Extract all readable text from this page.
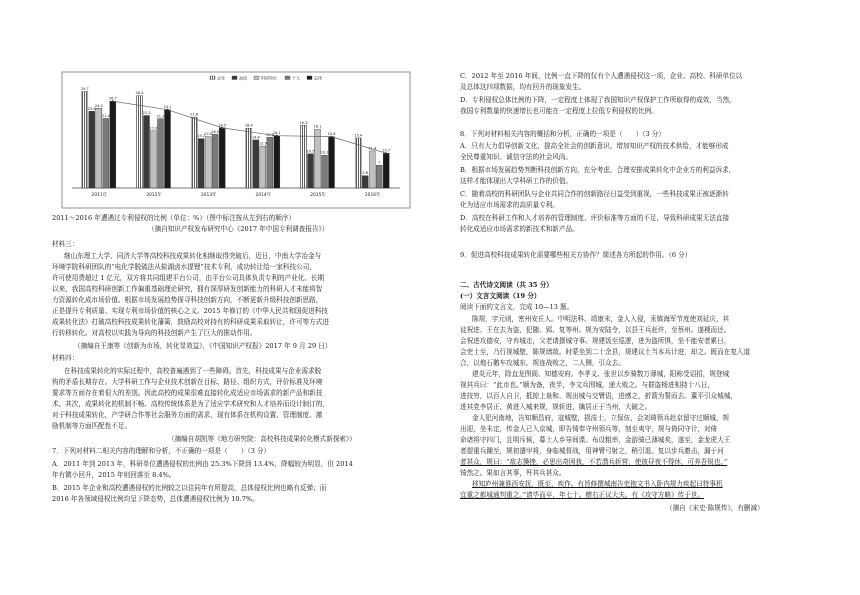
29.7
23.6
24.5
21.4
26.7
28.4
22.3
17.6
21.3
24.1
21.8
15.2
15.8
16.5
18.5	18.4
14.8
12.9
15.6
16.1
19.3
10.5
18.1
10.1
15.8	15.4
3.8
11.4
7
10.7
2011年	2012年	2013年	2014年	2015年	2016年
企业	高校	科研单位	个人	总体
2011～2016 年遭遇过专利侵权的比例（单位：%）（图中标注按从左到右的顺序）
（摘自知识产权发布研究中心《2017 年中国专利调查报告》）
材料三：
继山东理工大学、同济大学等高校科技成果转化相继取得突破后，近日，中南大学冶金与
环境学院科研团队的“电化学脱硫法从盐湖卤水提锂”技术专利，成功转让给一家科技公司，
许可使用费超过 1 亿元，双方将共同组建平台公司，由平台公司具体负责专利的产业化。长期
以来，我国高校科研创新工作偏重基础理论研究，拥有深厚研发创新能力的科研人才未能将智
力资源转化成市场价值。根据市场发展趋势探寻科技创新方向，不断更新升级科技创新思路，
正是提升专利质量、实现专利市场价值的核心之义。2015 年修订的《中华人民共和国促进科技
成果转化法》打破高校科技成果转化藩篱，鼓励高校对持有的科研成果采取转让，许可等方式进
行转移转化。对高校以实践为导向的科技创新产生了巨大的推动作用。
（摘编自王康等《创新为市场，转化显效益》，《中国知识产权报》2017 年 9 月 29 日）
材料四：
在科技成果转化的实际过程中，高校普遍遇到了一些障碍。首先，科技成果与企业需求脱
钩的矛盾长期存在。大学科研工作与企业技术创新在目标、路径、组织方式，评价标准及环境
要求等方面存在着很大的差别。因此高校的成果很难直接转化成适应市场需求的新产品和新技
术。其次，成果转化的机制不畅。高校传统体系是为了适应学术研究和人才培养而设计制订的，
对于科技成果转化，产学研合作等社会服务方面的需求，现有体系在机构设置、管理制度、激
励机制等方面匹配性不足。
（摘编自胡凯等《地方研究院：高校科技成果转化模式新探索》）
7．下列对材料二相关内容的理解和分析，不正确的一项是（　　）（3 分）
A．2011 年到 2013 年，科研单位遭遇侵权的比例由 25.3%下降到 13.4%，降幅较为明显，但 2014
年有微小回升，2015 年则回落至 8.4%。
B．2015 年企业和高校遭遇侵权的比例较之以往同年有所提高，总体侵权比例也略有反弹；而
2016 年各领域侵权比例均呈下降态势，总体遭遇侵权比例为 10.7%。
C．2012 年至 2016 年间，比例一直下降的仅有个人遭遇侵权这一项，企业、高校、科研单位以
及总体这四项数据，均有回升的现象发生。
D．专利侵权总体比例的下降，一定程度上体现了我国知识产权保护工作所取得的成效，当然，
我国专利数量的快速增长也可能在一定程度上拉低专利侵权的比例。
8．下列对材料相关内容的概括和分析，正确的一项是（　　）（3 分）
A．只有大力倡导创新文化，提高全社会的创新意识，增加知识产权的技术供给，才能够形成
全民尊重知识、诚信守法的社会风尚。
B．根据市场发展趋势判断科技创新方向，充分考虑、合理安排成果转化中企业方的利益诉求，
这样才能体现出大学科研工作的价值。
C．随着高校的科研团队与企业共同合作的创新路径日益受到重视，一些科技成果正被逐渐转
化为适应市场需求的高质量专利。
D．高校在科研工作和人才培养的管理制度、评价标准等方面的不足，导致科研成果无法直接
转化成适应市场需求的新技术和新产品。
9．促进高校科技成果转化需要哪些相关方协作？简述各方所起的作用。（6 分）
二、古代诗文阅读（共 35 分）
(一）文言文阅读（19 分）
阅读下面的文言文，完成 10—13 题。
陈规，字元则，密州安丘人。中明法科。靖康末，金人入侵，汞镇海军节度使刘延庆，其
徒祝进、王在去为盗，犯随、郢、复等州。规为安陆令，以县王兵赶许，至蔡州。遂梗而还。
会祝进攻德安，守弃城走，父老请摄城守事。规建饭至巡逻，进为盗所惧，坐不能安者累日，
会吏士至，乃行视城壁，陈规缮敌。时蒙坐到二十余县，规建议土当本兵计进，却之。既而在复入道
合，以炮石鹅车攻城东，规连战败之，二人侧，引众去。
建炎元年，除直龙图阁、知德安府。李孝义、张世以步骑数万薄城，阳称受诏招，规登城
视其兵曰：“此市也。”顺为备，夜半，李文兵围城，递大败之。与群盗杨进相持十八日，
进技穷，以百人自卫，抵掠上泉和、规出城与交臂语，进感之，折箭为誓而去。董平引众城城，
进其党李居正、黄进入城来规，规斩进，擒居正于当州，大破之。
金人犯河南地，告知顺昌府，寇城壁，损浚士，立保伍，会刘琦领兵赴京留守过顺城，规
出迎，坐未定，传金人已入京城，即告锜奉守州领兵等，刻至夷守，规与倚同守计，对倚
命诸将守四门，且明斥候，募士人乡导间谍。布设粗率，金游骑已薄城矣，遂至，金龙虎大王
者提重兵踵至，规初遣甲将，身临城督战，用神臂弓射之，稍引退。复以步兵邀击，漏于河
者甚众，规曰：“敌志操挫，必思出奇困我，不若潜兵斩营，使彼昼夜不得休，可养吾锐也。”
锜然之。果如言其事，歼其兵甚众。
移知庐州兼淮西安抚，既至，疾作。有旨修撰城南告吏抱文书入卧内规力疾起曰特事机
宜重之都城通判重之。”请毕而卒，年七十。赠右正议大夫。有《攻守方略》传于世。
（摘自《宋史·陈规传》，有删减）
